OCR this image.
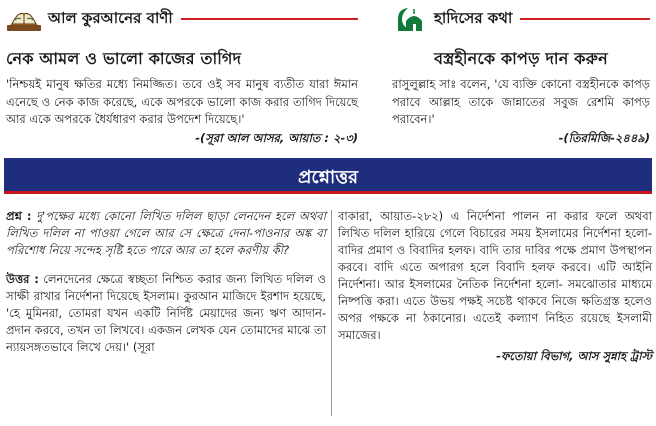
আল কুরআনের বাণী
নেক আমল ও ভালো কাজের তাগিদ
'নিশ্চয়ই মানুষ ক্ষতির মধ্যে নিমজ্জিত। তবে ওই সব মানুষ ব্যতীত যারা ঈমান এনেছে ও নেক কাজ করেছে, একে অপরকে ভালো কাজ করার তাগিদ দিয়েছে আর একে অপরকে ধৈর্যধারণ করার উপদেশ দিয়েছে।'
-(সূরা আল আসর, আয়াত : ২-৩)
হাদিসের কথা
বস্ত্রহীনকে কাপড় দান করুন
রাসুলুল্লাহ সাঃ বলেন, 'যে ব্যক্তি কোনো বস্ত্রহীনকে কাপড় পরাবে আল্লাহ তাকে জান্নাতের সবুজ রেশমি কাপড় পরাবেন।'
-(তিরমিজি-২৪৪৯)
প্রশ্নোত্তর

প্রশ্ন : দু'পক্ষের মধ্যে কোনো লিখিত দলিল ছাড়া লেনদেন হলে অথবা লিখিত দলিল না পাওয়া গেলে আর সে ক্ষেত্রে দেনা-পাওনার অঙ্ক বা পরিশোধ নিয়ে সন্দেহ সৃষ্টি হতে পারে আর তা হলে করণীয় কী?

উত্তর : লেনদেনের ক্ষেত্রে স্বচ্ছতা নিশ্চিত করার জন্য লিখিত দলিল ও সাক্ষী রাখার নির্দেশনা দিয়েছে ইসলাম। কুরআন মাজিদে ইরশাদ হয়েছে, 'হে মুমিনরা, তোমরা যখন একটি নির্দিষ্ট মেয়াদের জন্য ঋণ আদান-প্রদান করবে, তখন তা লিখবে। একজন লেখক যেন তোমাদের মাঝে তা ন্যায়সঙ্গতভাবে লিখে দেয়।' (সূরা

বাকারা, আয়াত-২৮২) এ নির্দেশনা পালন না করার ফলে অথবা লিখিত দলিল হারিয়ে গেলে বিচারের সময় ইসলামের নির্দেশনা হলো-বাদির প্রমাণ ও বিবাদির হলফ। বাদি তার দাবির পক্ষে প্রমাণ উপস্থাপন করবে। বাদি এতে অপারগ হলে বিবাদি হলফ করবে। এটি আইনি নির্দেশনা। আর ইসলামের নৈতিক নির্দেশনা হলো- সমঝোতার মাধ্যমে নিষ্পত্তি করা। এতে উভয় পক্ষই সচেষ্ট থাকবে নিজে ক্ষতিগ্রস্ত হলেও অপর পক্ষকে না ঠকানোর। এতেই কল্যাণ নিহিত রয়েছে ইসলামী সমাজের।

-ফতোয়া বিভাগ, আস সুন্নাহ ট্রাস্ট
